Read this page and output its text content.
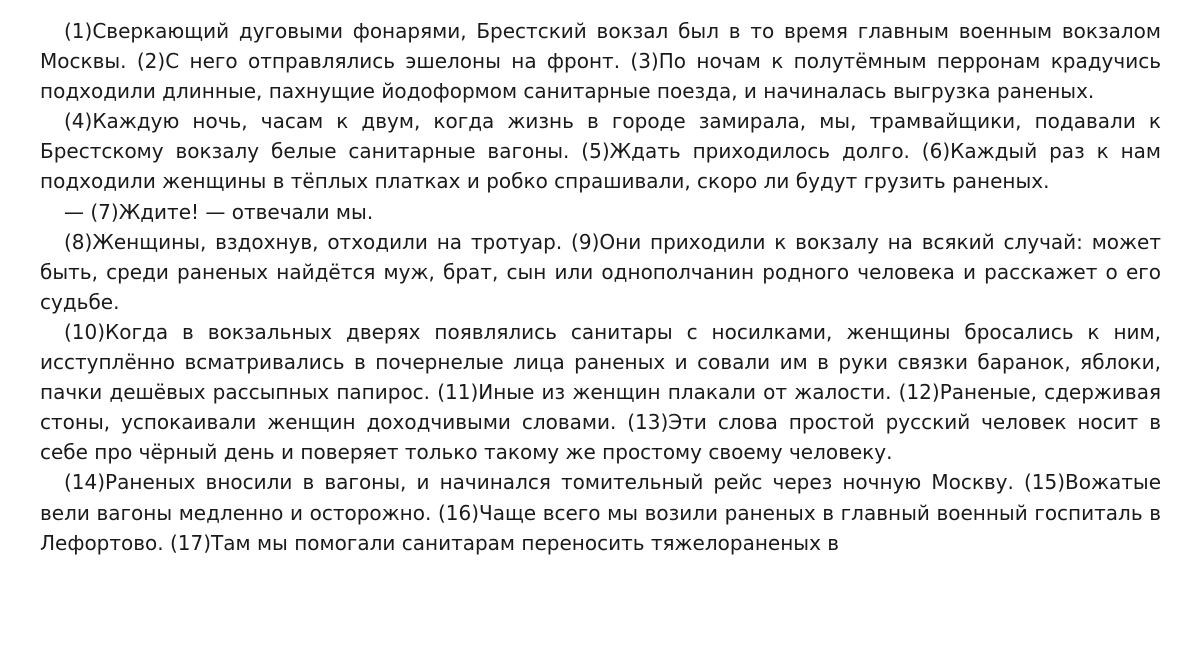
(1)Сверкающий дуговыми фонарями, Брестский вокзал был в то время главным военным вокзалом Москвы. (2)С него отправлялись эшелоны на фронт. (3)По ночам к полутёмным перронам крадучись подходили длинные, пахнущие йодоформом санитарные поезда, и начиналась выгрузка раненых.

(4)Каждую ночь, часам к двум, когда жизнь в городе замирала, мы, трамвайщики, подавали к Брестскому вокзалу белые санитарные вагоны. (5)Ждать приходилось долго. (6)Каждый раз к нам подходили женщины в тёплых платках и робко спрашивали, скоро ли будут грузить раненых.

— (7)Ждите! — отвечали мы.

(8)Женщины, вздохнув, отходили на тротуар. (9)Они приходили к вокзалу на всякий случай: может быть, среди раненых найдётся муж, брат, сын или однополчанин родного человека и расскажет о его судьбе.

(10)Когда в вокзальных дверях появлялись санитары с носилками, женщины бросались к ним, исступлённо всматривались в почернелые лица раненых и совали им в руки связки баранок, яблоки, пачки дешёвых рассыпных папирос. (11)Иные из женщин плакали от жалости. (12)Раненые, сдерживая стоны, успокаивали женщин доходчивыми словами. (13)Эти слова простой русский человек носит в себе про чёрный день и поверяет только такому же простому своему человеку.

(14)Раненых вносили в вагоны, и начинался томительный рейс через ночную Москву. (15)Вожатые вели вагоны медленно и осторожно. (16)Чаще всего мы возили раненых в главный военный госпиталь в Лефортово. (17)Там мы помогали санитарам переносить тяжелораненых в
